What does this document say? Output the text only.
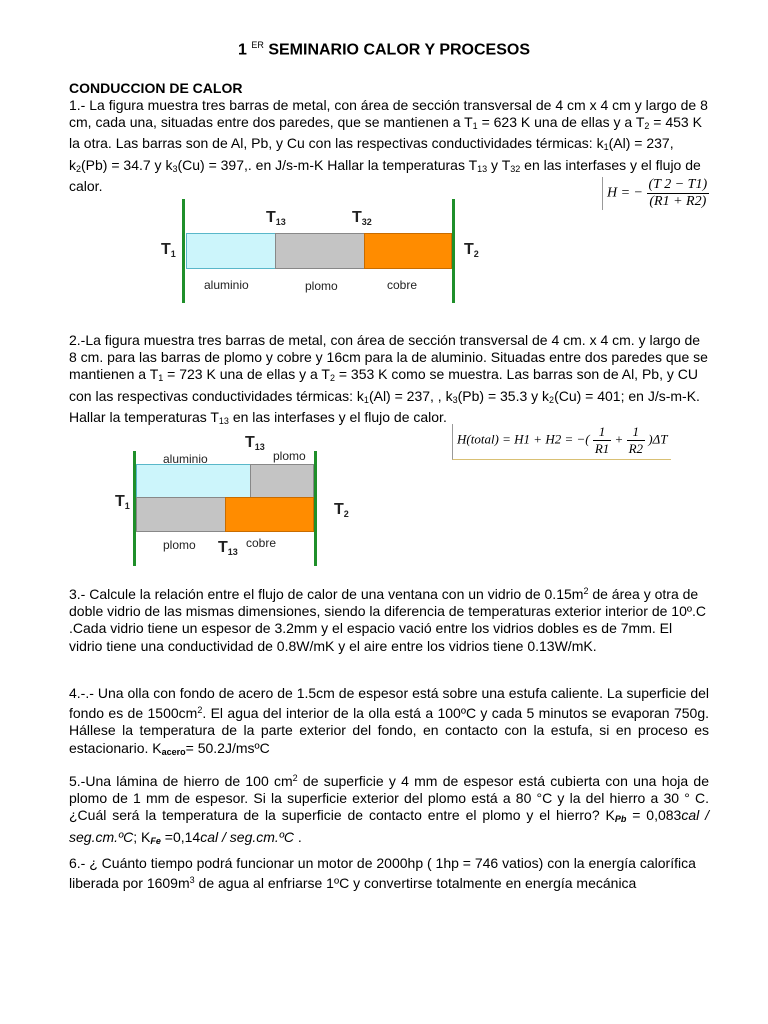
1 $^{ER}$ SEMINARIO CALOR Y PROCESOS
CONDUCCION DE CALOR

1.- La figura muestra tres barras de metal, con área de sección transversal de 4 cm x 4 cm y largo de 8 cm, cada una, situadas entre dos paredes, que se mantienen a $T_1 = 623$ K una de ellas y a $T_2 = 453$ K la otra. Las barras son de Al, Pb, y Cu con las respectivas conductividades térmicas: $k_1(Al) = 237$, $k_2(Pb) = 34.7$ y $k_3(Cu) = 397$,. en J/s-m-K Hallar la temperaturas $T_{13}$ y $T_{32}$ en las interfases y el flujo de calor.	H = − $\frac{(T 2 - T1)}{(R1 + R2)}$
$T_1$	$T_2$
$T_{13}$	$T_{32}$
aluminio	plomo	cobre

2.-La figura muestra tres barras de metal, con área de sección transversal de 4 cm. x 4 cm. y largo de 8 cm. para las barras de plomo y cobre y 16cm para la de aluminio. Situadas entre dos paredes que se mantienen a $T_1 = 723$ K una de ellas y a $T_2 = 353$ K como se muestra. Las barras son de Al, Pb, y CU con las respectivas conductividades térmicas: $k_1(Al) = 237$, , $k_3(Pb) = 35.3$ y $k_2(Cu) = 401$; en J/s-m-K. Hallar la temperaturas $T_{13}$ en las interfases y el flujo de calor.

H(total) = H1 + H2 = −( $\frac{1}{R1} + \frac{1}{R2} )\Delta T$
$T_1$	$T_2$
$T_{13}$
$T_{13}$
aluminio	plomo
plomo	cobre

3.- Calcule la relación entre el flujo de calor de una ventana con un vidrio de $0.15m^2$ de área y otra de doble vidrio de las mismas dimensiones, siendo la diferencia de temperaturas exterior interior de 10º.C .Cada vidrio tiene un espesor de 3.2mm y el espacio vació entre los vidrios dobles es de 7mm. El vidrio tiene una conductividad de 0.8W/mK y el aire entre los vidrios tiene 0.13W/mK.

4.-.- Una olla con fondo de acero de 1.5cm de espesor está sobre una estufa caliente. La superficie del fondo es de $1500cm^2$. El agua del interior de la olla está a 100ºC y cada 5 minutos se evaporan 750g. Hállese la temperatura de la parte exterior del fondo, en contacto con la estufa, si en proceso es estacionario. $K_{acero}=$ 50.2J/msºC

5.-Una lámina de hierro de 100 $cm^2$ de superficie y 4 mm de espesor está cubierta con una hoja de plomo de 1 mm de espesor. Si la superficie exterior del plomo está a 80 °C y la del hierro a 30 ° C. ¿Cuál será la temperatura de la superficie de contacto entre el plomo y el hierro? $K_{Pb} = 0,083cal$ / seg.cm.ºC; $K_{Fe} =0,14cal$ / seg.cm.ºC .

6.- ¿ Cuánto tiempo podrá funcionar un motor de 2000hp ( 1hp = 746 vatios) con la energía calorífica liberada por $1609m^3$ de agua al enfriarse 1ºC y convertirse totalmente en energía mecánica
